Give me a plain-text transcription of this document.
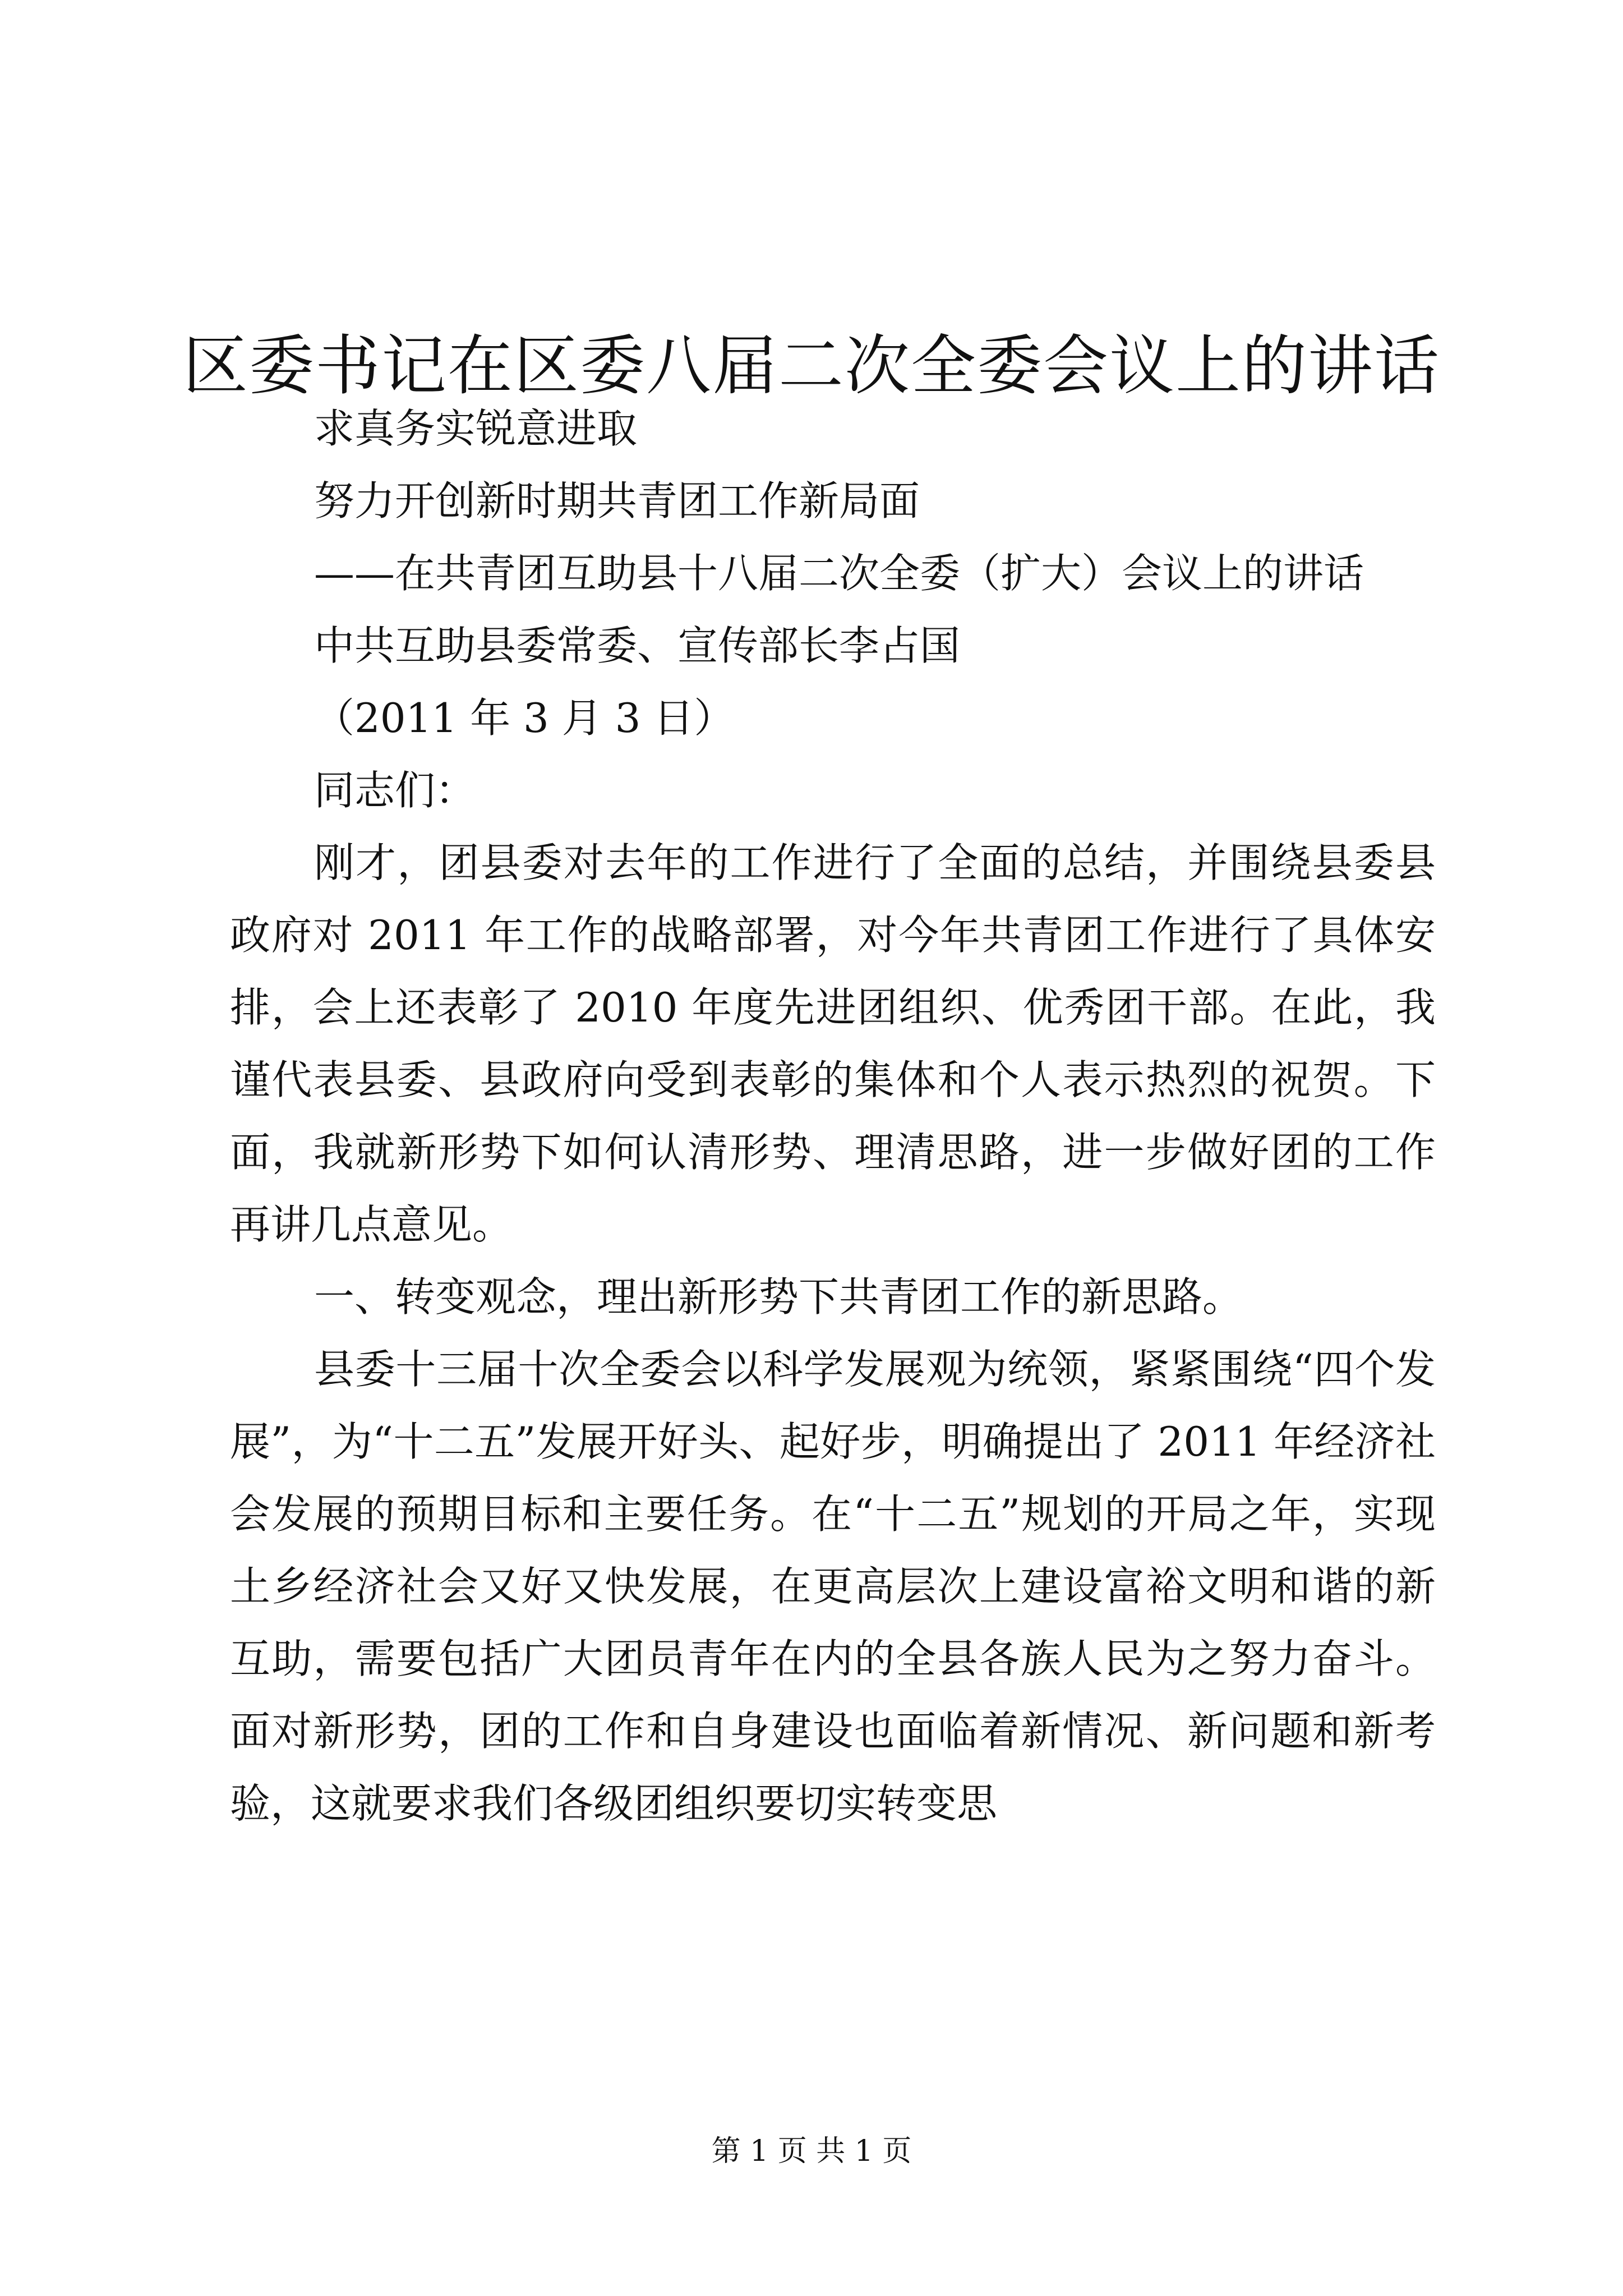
区委书记在区委八届二次全委会议上的讲话

求真务实锐意进取

努力开创新时期共青团工作新局面

——在共青团互助县十八届二次全委（扩大）会议上的讲话

中共互助县委常委、宣传部长李占国

（2011 年 3 月 3 日）

同志们：

刚才，团县委对去年的工作进行了全面的总结，并围绕县委县政府对 2011 年工作的战略部署，对今年共青团工作进行了具体安排，会上还表彰了 2010 年度先进团组织、优秀团干部。在此，我谨代表县委、县政府向受到表彰的集体和个人表示热烈的祝贺。下面，我就新形势下如何认清形势、理清思路，进一步做好团的工作再讲几点意见。

一、转变观念，理出新形势下共青团工作的新思路。

县委十三届十次全委会以科学发展观为统领，紧紧围绕“四个发展”，为“十二五”发展开好头、起好步，明确提出了 2011 年经济社会发展的预期目标和主要任务。在“十二五”规划的开局之年，实现土乡经济社会又好又快发展，在更高层次上建设富裕文明和谐的新互助，需要包括广大团员青年在内的全县各族人民为之努力奋斗。面对新形势，团的工作和自身建设也面临着新情况、新问题和新考验，这就要求我们各级团组织要切实转变思

第 1 页 共 1 页
